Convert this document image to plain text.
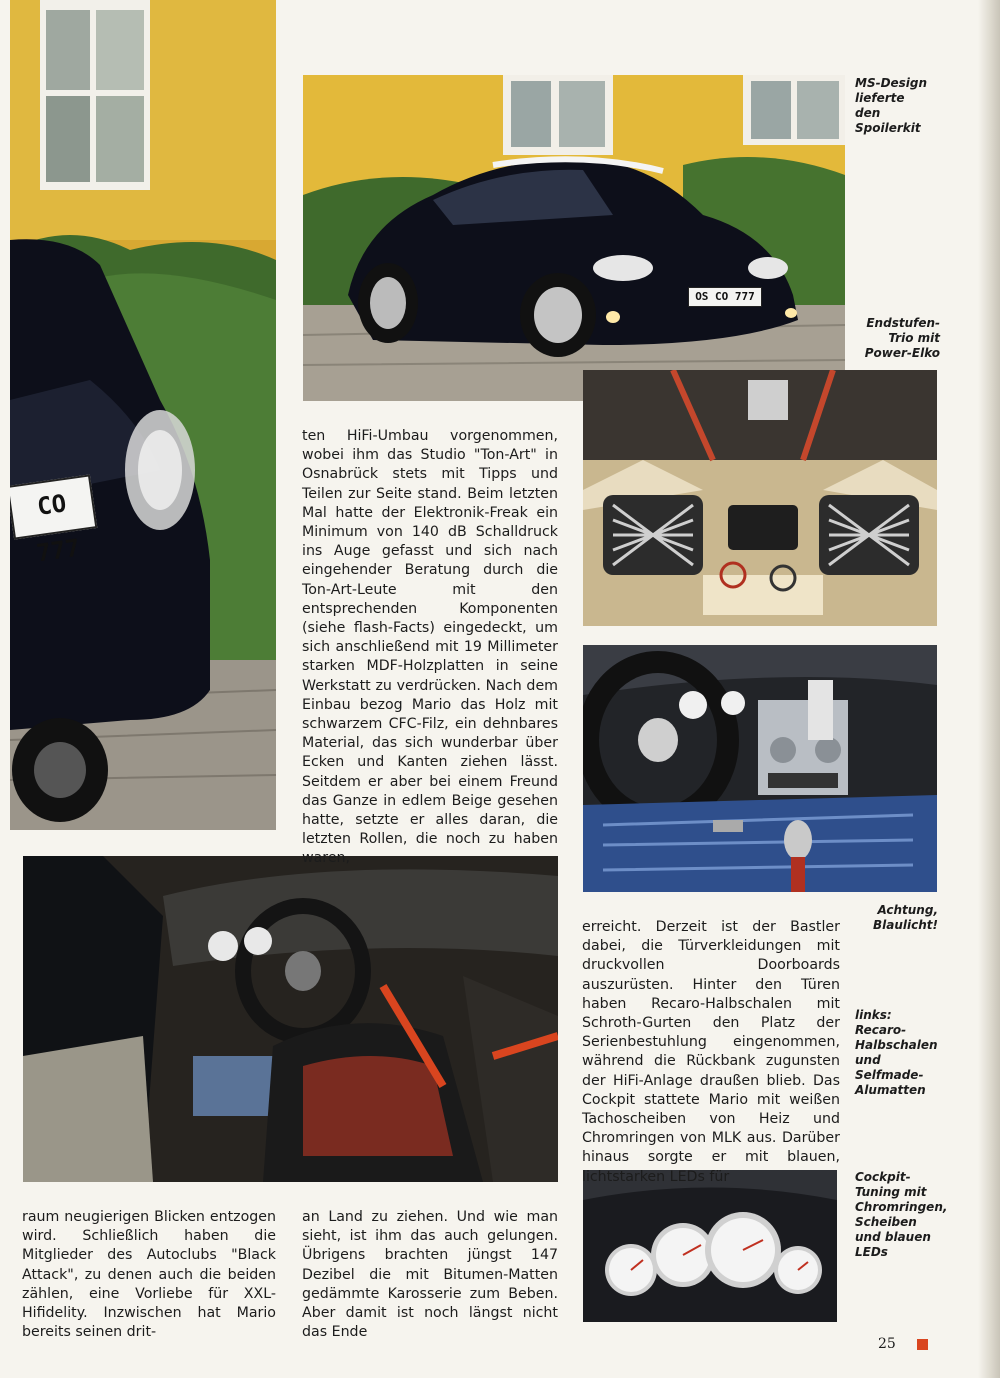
CO 777
OS CO 777

ten HiFi-Umbau vorgenommen, wobei ihm das Studio "Ton-Art" in Osnabrück stets mit Tipps und Teilen zur Seite stand. Beim letzten Mal hatte der Elektronik-Freak ein Minimum von 140 dB Schalldruck ins Auge gefasst und sich nach eingehender Beratung durch die Ton-Art-Leute mit den entsprechenden Komponenten (siehe flash-Facts) eingedeckt, um sich anschließend mit 19 Millimeter starken MDF-Holzplatten in seine Werkstatt zu verdrücken. Nach dem Einbau bezog Mario das Holz mit schwarzem CFC-Filz, ein dehnbares Material, das sich wunderbar über Ecken und Kanten ziehen lässt. Seitdem er aber bei einem Freund das Ganze in edlem Beige gesehen hatte, setzte er alles daran, die letzten Rollen, die noch zu haben waren,

erreicht. Derzeit ist der Bastler dabei, die Türverkleidungen mit druckvollen Doorboards auszurüsten. Hinter den Türen haben Recaro-Halbschalen mit Schroth-Gurten den Platz der Serienbestuhlung eingenommen, während die Rückbank zugunsten der HiFi-Anlage draußen blieb. Das Cockpit stattete Mario mit weißen Tachoscheiben von Heiz und Chromringen von MLK aus. Darüber hinaus sorgte er mit blauen, lichtstarken LEDs für

raum neugierigen Blicken entzogen wird. Schließlich haben die Mitglieder des Autoclubs "Black Attack", zu denen auch die beiden zählen, eine Vorliebe für XXL-Hifidelity. Inzwischen hat Mario bereits seinen drit-

an Land zu ziehen. Und wie man sieht, ist ihm das auch gelungen. Übrigens brachten jüngst 147 Dezibel die mit Bitumen-Matten gedämmte Karosserie zum Beben. Aber damit ist noch längst nicht das Ende

MS-Design lieferte den Spoilerkit

Endstufen-Trio mit Power-Elko

Achtung, Blaulicht!

links: Recaro-Halbschalen und Selfmade-Alumatten

Cockpit-Tuning mit Chromringen, Scheiben und blauen LEDs

25
